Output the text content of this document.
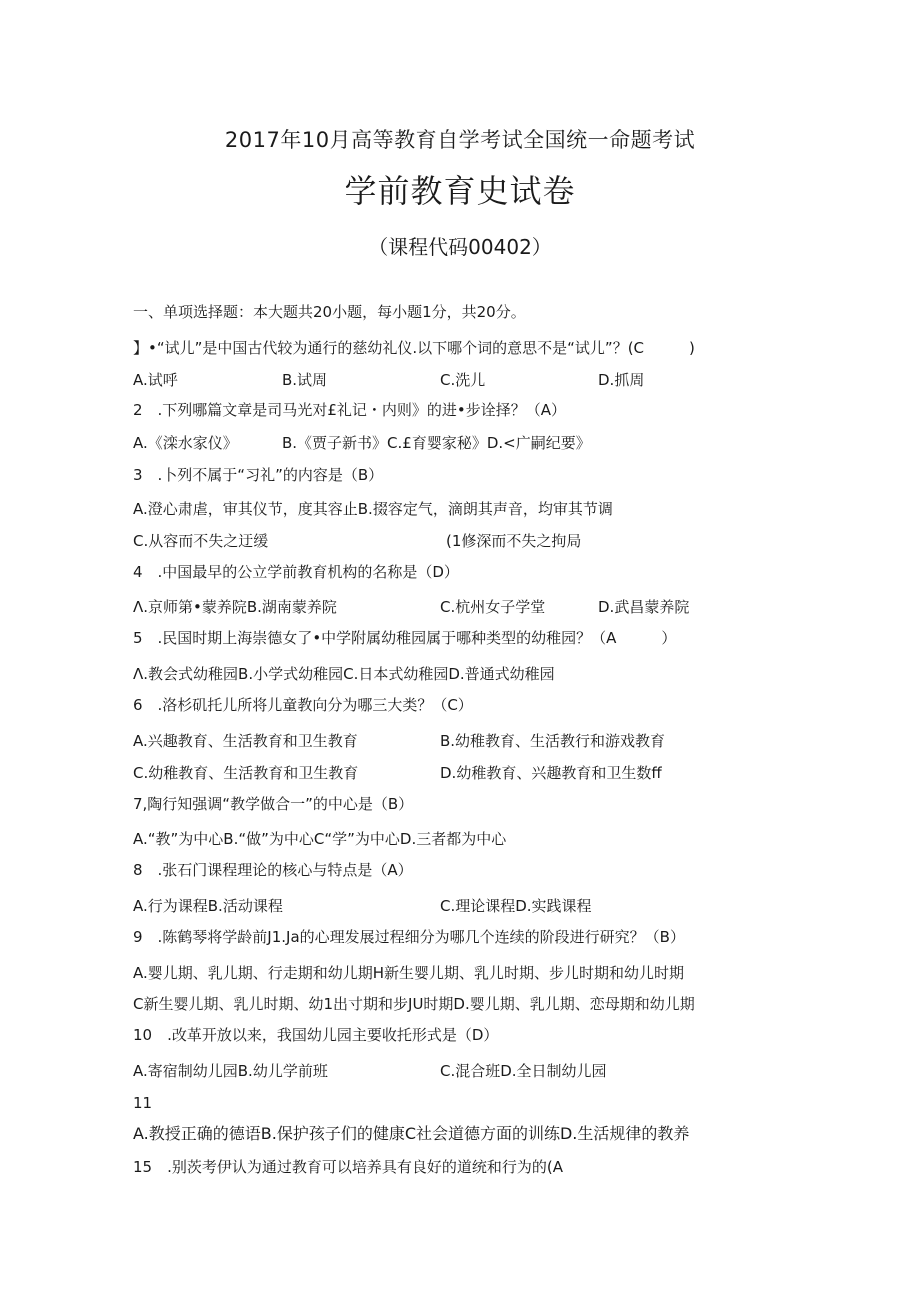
2017年10月高等教育自学考试全国统一命题考试
学前教育史试卷
（课程代码00402）
一、单项选择题：本大题共20小题，每小题1分，共20分。
】•“试儿”是中国古代较为通行的慈幼礼仪.以下哪个词的意思不是“试儿”？(C　　　)
A.试呼	B.试周	C.洗儿	D.抓周
2　.下列哪篇文章是司马光对£礼记・内则》的进•步诠择？（A）
A.《滦水家仪》	B.《贾子新书》C.£育婴家秘》D.<广嗣纪要》
3　.卜列不属于“习礼”的内容是（B）
A.澄心肃虐，审其仪节，度其容止B.掇容定气，滴朗其声音，均审其节调
C.从容而不失之迂缓	(1修深而不失之拘局
4　.中国最早的公立学前教育机构的名称是（D）
Λ.京师第•蒙养院B.湖南蒙养院	C.杭州女子学堂	D.武昌蒙养院
5　.民国时期上海崇德女了•中学附属幼稚园属于哪种类型的幼稚园？（A　　　）
Λ.教会式幼稚园B.小学式幼稚园C.日本式幼稚园D.普通式幼稚园
6　.洛杉矶托儿所将儿童教向分为哪三大类？（C）
A.兴趣教育、生活教育和卫生教育	B.幼稚教育、生活教行和游戏教育
C.幼稚教育、生活教育和卫生教育	D.幼稚教育、兴趣教育和卫生数ff
7,陶行知强调“教学做合一”的中心是（B）
A.“教”为中心B.“做”为中心C“学”为中心D.三者都为中心
8　.张石门课程理论的核心与特点是（A）
A.行为课程B.活动课程	C.理论课程D.实践课程
9　.陈鹤琴将学龄前J1.Ja的心理发展过程细分为哪几个连续的阶段进行研究？（B）
A.婴儿期、乳儿期、行走期和幼儿期H新生婴儿期、乳儿时期、步儿时期和幼儿时期
C新生婴儿期、乳儿时期、幼1出寸期和步JU时期D.婴儿期、乳儿期、恋母期和幼儿期
10　.改革开放以来，我国幼儿园主要收托形式是（D）
A.寄宿制幼儿园B.幼儿学前班	C.混合班D.全日制幼儿园
11
A.教授正确的德语B.保护孩子们的健康C社会道德方面的训练D.生活规律的教养
15　.别茨考伊认为通过教育可以培养具有良好的道统和行为的(A
